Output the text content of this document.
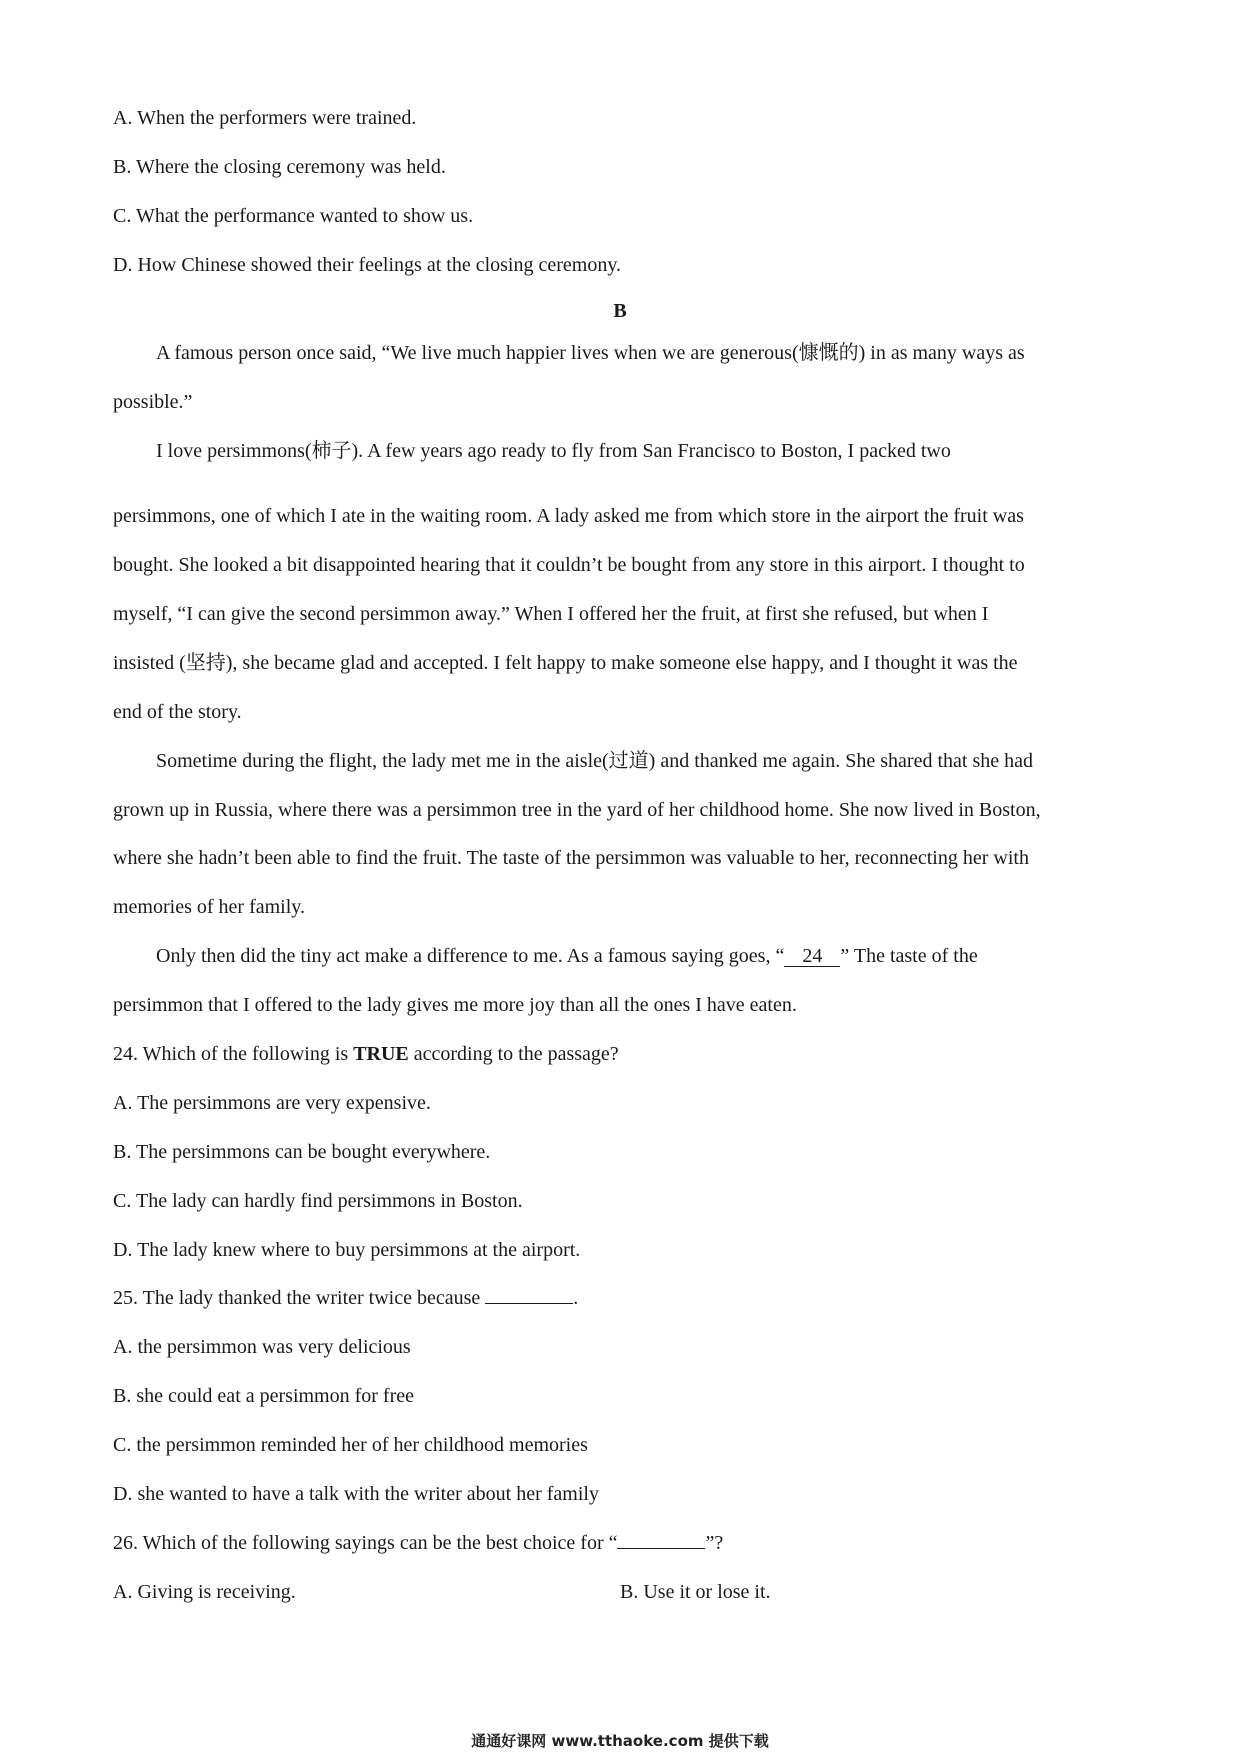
A. When the performers were trained.
B. Where the closing ceremony was held.
C. What the performance wanted to show us.
D. How Chinese showed their feelings at the closing ceremony.
B
A famous person once said, “We live much happier lives when we are generous(慷慨的) in as many ways as
possible.”
I love persimmons(柿子). A few years ago ready to fly from San Francisco to Boston, I packed two
persimmons, one of which I ate in the waiting room. A lady asked me from which store in the airport the fruit was
bought. She looked a bit disappointed hearing that it couldn’t be bought from any store in this airport. I thought to
myself, “I can give the second persimmon away.” When I offered her the fruit, at first she refused, but when I
insisted (坚持), she became glad and accepted. I felt happy to make someone else happy, and I thought it was the
end of the story.
Sometime during the flight, the lady met me in the aisle(过道) and thanked me again. She shared that she had
grown up in Russia, where there was a persimmon tree in the yard of her childhood home. She now lived in Boston,
where she hadn’t been able to find the fruit. The taste of the persimmon was valuable to her, reconnecting her with
memories of her family.
Only then did the tiny act make a difference to me. As a famous saying goes, “ 24 ” The taste of the
persimmon that I offered to the lady gives me more joy than all the ones I have eaten.
24. Which of the following is TRUE according to the passage?
A. The persimmons are very expensive.
B. The persimmons can be bought everywhere.
C. The lady can hardly find persimmons in Boston.
D. The lady knew where to buy persimmons at the airport.
25. The lady thanked the writer twice because	.
A. the persimmon was very delicious
B. she could eat a persimmon for free
C. the persimmon reminded her of her childhood memories
D. she wanted to have a talk with the writer about her family
26. Which of the following sayings can be the best choice for “	”?
A. Giving is receiving.	B. Use it or lose it.
通通好课网 www.tthaoke.com 提供下载
